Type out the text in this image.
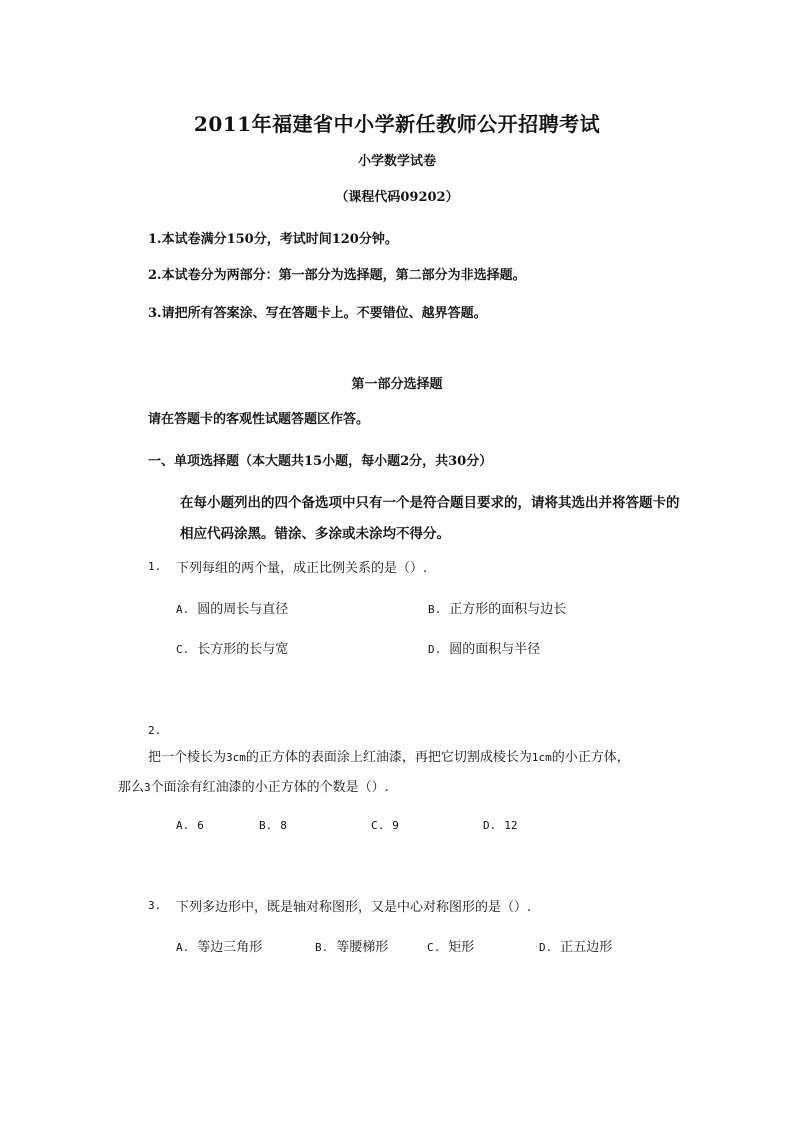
2011年福建省中小学新任教师公开招聘考试
小学数学试卷
（课程代码09202）
1.本试卷满分150分，考试时间120分钟。
2.本试卷分为两部分：第一部分为选择题，第二部分为非选择题。
3.请把所有答案涂、写在答题卡上。不要错位、越界答题。
第一部分选择题
请在答题卡的客观性试题答题区作答。
一、单项选择题（本大题共15小题，每小题2分，共30分）
在每小题列出的四个备选项中只有一个是符合题目要求的，请将其选出并将答题卡的相应代码涂黑。错涂、多涂或未涂均不得分。
1. 下列每组的两个量，成正比例关系的是（）.
A. 圆的周长与直径	B. 正方形的面积与边长
C. 长方形的长与宽	D. 圆的面积与半径
2.
把一个棱长为3cm的正方体的表面涂上红油漆，再把它切割成棱长为1cm的小正方体，
那么3个面涂有红油漆的小正方体的个数是（）.
A. 6	B. 8	C. 9	D. 12
3. 下列多边形中，既是轴对称图形，又是中心对称图形的是（）.
A. 等边三角形	B. 等腰梯形	C. 矩形	D. 正五边形
